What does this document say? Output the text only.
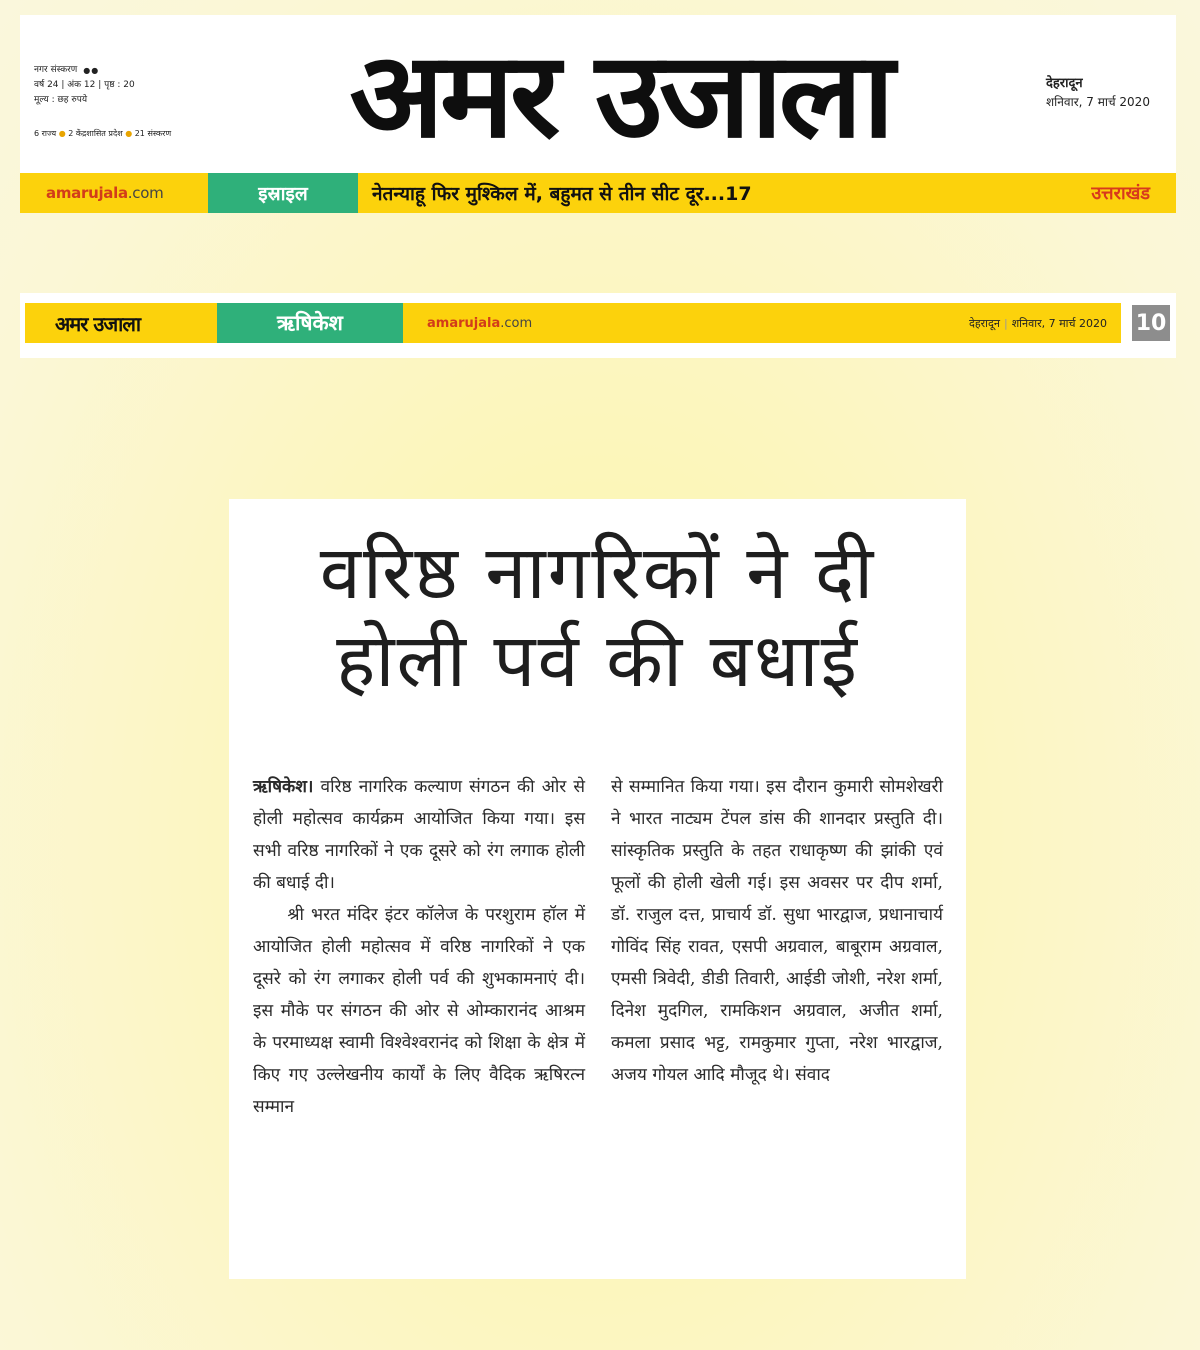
नगर संस्करण ●●
वर्ष 24 | अंक 12 | पृष्ठ : 20
मूल्य : छह रुपये
6 राज्य ● 2 केंद्रशासित प्रदेश ● 21 संस्करण	अमर उजाला	देहरादून
शनिवार, 7 मार्च 2020
amarujala.com	इस्राइल	नेतन्याहू फिर मुश्किल में, बहुमत से तीन सीट दूर...17	उत्तराखंड
अमर उजाला	ऋषिकेश	amarujala.com	देहरादून | शनिवार, 7 मार्च 2020	10
वरिष्ठ नागरिकों ने दी
होली पर्व की बधाई

ऋषिकेश। वरिष्ठ नागरिक कल्याण संगठन की ओर से होली महोत्सव कार्यक्रम आयोजित किया गया। इस सभी वरिष्ठ नागरिकों ने एक दूसरे को रंग लगाक होली की बधाई दी।

श्री भरत मंदिर इंटर कॉलेज के परशुराम हॉल में आयोजित होली महोत्सव में वरिष्ठ नागरिकों ने एक दूसरे को रंग लगाकर होली पर्व की शुभकामनाएं दी। इस मौके पर संगठन की ओर से ओम्कारानंद आश्रम के परमाध्यक्ष स्वामी विश्वेश्वरानंद को शिक्षा के क्षेत्र में किए गए उल्लेखनीय कार्यों के लिए वैदिक ऋषिरत्न सम्मान

से सम्मानित किया गया। इस दौरान कुमारी सोमशेखरी ने भारत नाट्यम टेंपल डांस की शानदार प्रस्तुति दी। सांस्कृतिक प्रस्तुति के तहत राधाकृष्ण की झांकी एवं फूलों की होली खेली गई। इस अवसर पर दीप शर्मा, डॉ. राजुल दत्त, प्राचार्य डॉ. सुधा भारद्वाज, प्रधानाचार्य गोविंद सिंह रावत, एसपी अग्रवाल, बाबूराम अग्रवाल, एमसी त्रिवेदी, डीडी तिवारी, आईडी जोशी, नरेश शर्मा, दिनेश मुदगिल, रामकिशन अग्रवाल, अजीत शर्मा, कमला प्रसाद भट्ट, रामकुमार गुप्ता, नरेश भारद्वाज, अजय गोयल आदि मौजूद थे। संवाद
